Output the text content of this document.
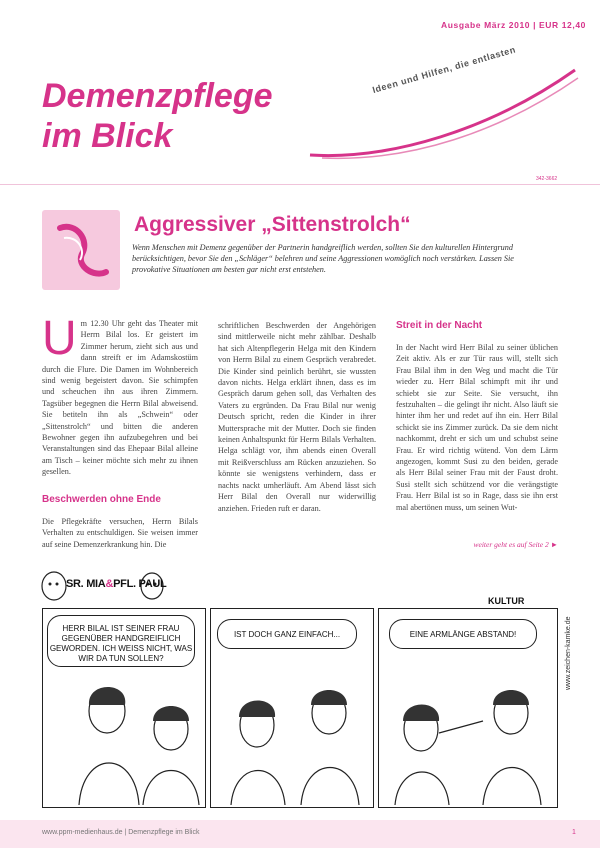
Ausgabe März 2010 | EUR 12,40
Demenzpflege
im Blick
Ideen und Hilfen, die entlasten
342-3662
Aggressiver „Sittenstrolch“
Wenn Menschen mit Demenz gegenüber der Partnerin handgreiflich werden, sollten Sie den kulturellen Hintergrund berücksichtigen, bevor Sie den „Schläger“ belehren und seine Aggressionen womöglich noch verstärken. Lassen Sie provokative Situationen am besten gar nicht erst entstehen.
U m 12.30 Uhr geht das Theater mit Herrn Bilal los. Er geistert im Zimmer herum, zieht sich aus und dann streift er im Adamskostüm durch die Flure. Die Damen im Wohnbereich sind wenig begeistert davon. Sie schimpfen und scheuchen ihn aus ihren Zimmern. Tagsüber begegnen die Herrn Bilal abweisend. Sie betiteln ihn als „Schwein“ oder „Sittenstrolch“ und bitten die anderen Bewohner gegen ihn aufzubegehren und bei Veranstaltungen sind das Ehepaar Bilal alleine am Tisch – keiner möchte sich mehr zu ihnen gesellen.
Beschwerden ohne Ende
Die Pflegekräfte versuchen, Herrn Bilals Verhalten zu entschuldigen. Sie weisen immer auf seine Demenzerkrankung hin. Die
schriftlichen Beschwerden der Angehörigen sind mittlerweile nicht mehr zählbar. Deshalb hat sich Altenpflegerin Helga mit den Kindern von Herrn Bilal zu einem Gespräch verabredet. Die Kinder sind peinlich berührt, sie wussten davon nichts. Helga erklärt ihnen, dass es im Gespräch darum gehen soll, das Verhalten des Vaters zu ergründen. Da Frau Bilal nur wenig Deutsch spricht, reden die Kinder in ihrer Muttersprache mit der Mutter. Doch sie finden keinen Anhaltspunkt für Herrn Bilals Verhalten. Helga schlägt vor, ihm abends einen Overall mit Reißverschluss am Rücken anzuziehen. So könnte sie wenigstens verhindern, dass er nachts nackt umherläuft. Am Abend lässt sich Herr Bilal den Overall nur widerwillig anziehen. Frieden ruft er daran.
Streit in der Nacht
In der Nacht wird Herr Bilal zu seiner üblichen Zeit aktiv. Als er zur Tür raus will, stellt sich Frau Bilal ihm in den Weg und macht die Tür wieder zu. Herr Bilal schimpft mit ihr und schiebt sie zur Seite. Sie versucht, ihn festzuhalten – die gelingt ihr nicht. Also läuft sie hinter ihm her und redet auf ihn ein. Herr Bilal schickt sie ins Zimmer zurück. Da sie dem nicht nachkommt, dreht er sich um und schubst seine Frau. Er wird richtig wütend. Von dem Lärm angezogen, kommt Susi zu den beiden, gerade als Herr Bilal seiner Frau mit der Faust droht. Susi stellt sich schützend vor die verängstigte Frau. Herr Bilal ist so in Rage, dass sie ihn erst mal abertönen muss, um seinen Wut-
weiter geht es auf Seite 2 ►
SR. MIA&PFL. PAUL
KULTUR
HERR BILAL IST SEINER FRAU GEGENÜBER HANDGREIFLICH GEWORDEN. ICH WEISS NICHT, WAS WIR DA TUN SOLLEN?
IST DOCH GANZ EINFACH...	EINE ARMLÄNGE ABSTAND!	www.zeichen-kamke.de
www.ppm-medienhaus.de | Demenzpflege im Blick	1
